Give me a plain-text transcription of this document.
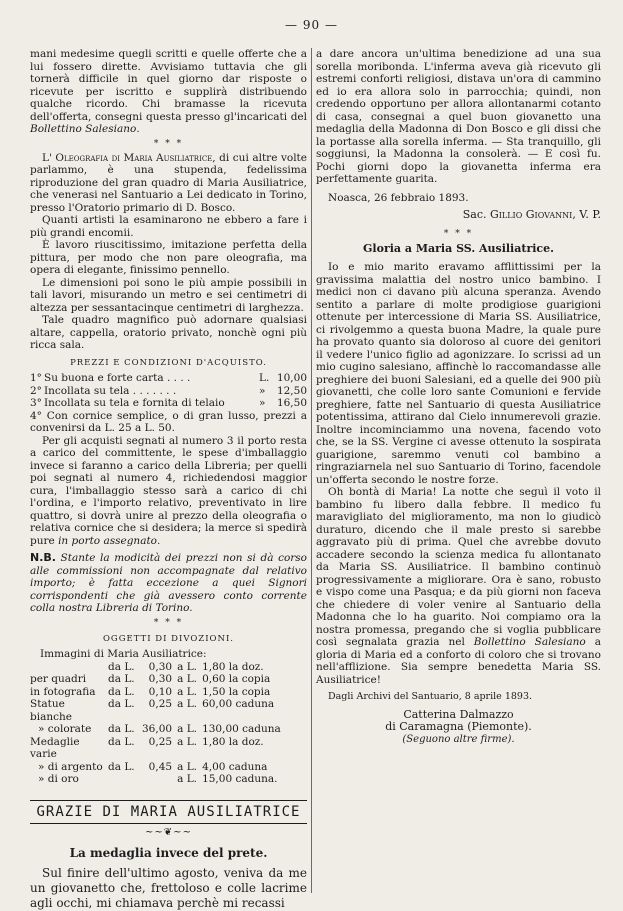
— 90 —

mani medesime quegli scritti e quelle offerte che a lui fossero dirette. Avvisiamo tuttavia che gli tornerà difficile in quel giorno dar risposte o ricevute per iscritto e supplirà distribuendo qualche ricordo. Chi bramasse la ricevuta dell'offerta, consegni questa presso gl'incaricati del Bollettino Salesiano.

* * *

L' Oleografia di Maria Ausiliatrice, di cui altre volte parlammo, è una stupenda, fedelissima riproduzione del gran quadro di Maria Ausiliatrice, che venerasi nel Santuario a Lei dedicato in Torino, presso l'Oratorio primario di D. Bosco.

Quanti artisti la esaminarono ne ebbero a fare i più grandi encomii.

È lavoro riuscitissimo, imitazione perfetta della pittura, per modo che non pare oleografia, ma opera di elegante, finissimo pennello.

Le dimensioni poi sono le più ampie possibili in tali lavori, misurando un metro e sei centimetri di altezza per sessantacinque centimetri di larghezza.

Tale quadro magnifico può adornare qualsiasi altare, cappella, oratorio privato, nonchè ogni più ricca sala.

PREZZI E CONDIZIONI D'ACQUISTO.
1°	Su buona e forte carta . . . .	L.	10,00
2°	Incollata su tela . . . . . . .	»	12,50
3°	Incollata su tela e fornita di telaio	»	16,50

4° Con cornice semplice, o di gran lusso, prezzi a convenirsi da L. 25 a L. 50.

Per gli acquisti segnati al numero 3 il porto resta a carico del committente, le spese d'imballaggio invece si faranno a carico della Libreria; per quelli poi segnati al numero 4, richiedendosi maggior cura, l'imballaggio stesso sarà a carico di chi l'ordina, e l'importo relativo, preventivato in lire quattro, si dovrà unire al prezzo della oleografia o relativa cornice che si desidera; la merce si spedirà pure in porto assegnato.

N.B. Stante la modicità dei prezzi non si dà corso alle commissioni non accompagnate dal relativo importo; è fatta eccezione a quei Signori corrispondenti che già avessero conto corrente colla nostra Libreria di Torino.

* * *
OGGETTI DI DIVOZIONI.

Immagini di Maria Ausiliatrice:

	da L.	0,30	a L.	1,80 la doz.
per quadri	da L.	0,30	a L.	0,60 la copia
in fotografia	da L.	0,10	a L.	1,50 la copia
Statue bianche	da L.	0,25	a L.	60,00 caduna
» colorate	da L.	36,00	a L.	130,00 caduna
Medaglie varie	da L.	0,25	a L.	1,80 la doz.
» di argento	da L.	0,45	a L.	4,00 caduna
» di oro			a L.	15,00 caduna.
GRAZIE DI MARIA AUSILIATRICE
~~❦~~
La medaglia invece del prete.

Sul finire dell'ultimo agosto, veniva da me un giovanetto che, frettoloso e colle lacrime agli occhi, mi chiamava perchè mi recassi

a dare ancora un'ultima benedizione ad una sua sorella moribonda. L'inferma aveva già ricevuto gli estremi conforti religiosi, distava un'ora di cammino ed io era allora solo in parrocchia; quindi, non credendo opportuno per allora allontanarmi cotanto di casa, consegnai a quel buon giovanetto una medaglia della Madonna di Don Bosco e gli dissi che la portasse alla sorella inferma. — Sta tranquillo, gli soggiunsi, la Madonna la consolerà. — E così fu. Pochi giorni dopo la giovanetta inferma era perfettamente guarita.

Noasca, 26 febbraio 1893.

Sac. Gillio Giovanni, V. P.

* * *
Gloria a Maria SS. Ausiliatrice.

Io e mio marito eravamo afflittissimi per la gravissima malattia del nostro unico bambino. I medici non ci davano più alcuna speranza. Avendo sentito a parlare di molte prodigiose guarigioni ottenute per intercessione di Maria SS. Ausiliatrice, ci rivolgemmo a questa buona Madre, la quale pure ha provato quanto sia doloroso al cuore dei genitori il vedere l'unico figlio ad agonizzare. Io scrissi ad un mio cugino salesiano, affinchè lo raccomandasse alle preghiere dei buoni Salesiani, ed a quelle dei 900 più giovanetti, che colle loro sante Comunioni e fervide preghiere, fatte nel Santuario di questa Ausiliatrice potentissima, attirano dal Cielo innumerevoli grazie. Inoltre incominciammo una novena, facendo voto che, se la SS. Vergine ci avesse ottenuto la sospirata guarigione, saremmo venuti col bambino a ringraziarnela nel suo Santuario di Torino, facendole un'offerta secondo le nostre forze.

Oh bontà di Maria! La notte che seguì il voto il bambino fu libero dalla febbre. Il medico fu maravigliato del miglioramento, ma non lo giudicò duraturo, dicendo che il male presto si sarebbe aggravato più di prima. Quel che avrebbe dovuto accadere secondo la scienza medica fu allontanato da Maria SS. Ausiliatrice. Il bambino continuò progressivamente a migliorare. Ora è sano, robusto e vispo come una Pasqua; e da più giorni non faceva che chiedere di voler venire al Santuario della Madonna che lo ha guarito. Noi compiamo ora la nostra promessa, pregando che si voglia pubblicare così segnalata grazia nel Bollettino Salesiano a gloria di Maria ed a conforto di coloro che si trovano nell'afflizione. Sia sempre benedetta Maria SS. Ausiliatrice!

Dagli Archivi del Santuario, 8 aprile 1893.

Catterina Dalmazzo

di Caramagna (Piemonte).

(Seguono altre firme).
